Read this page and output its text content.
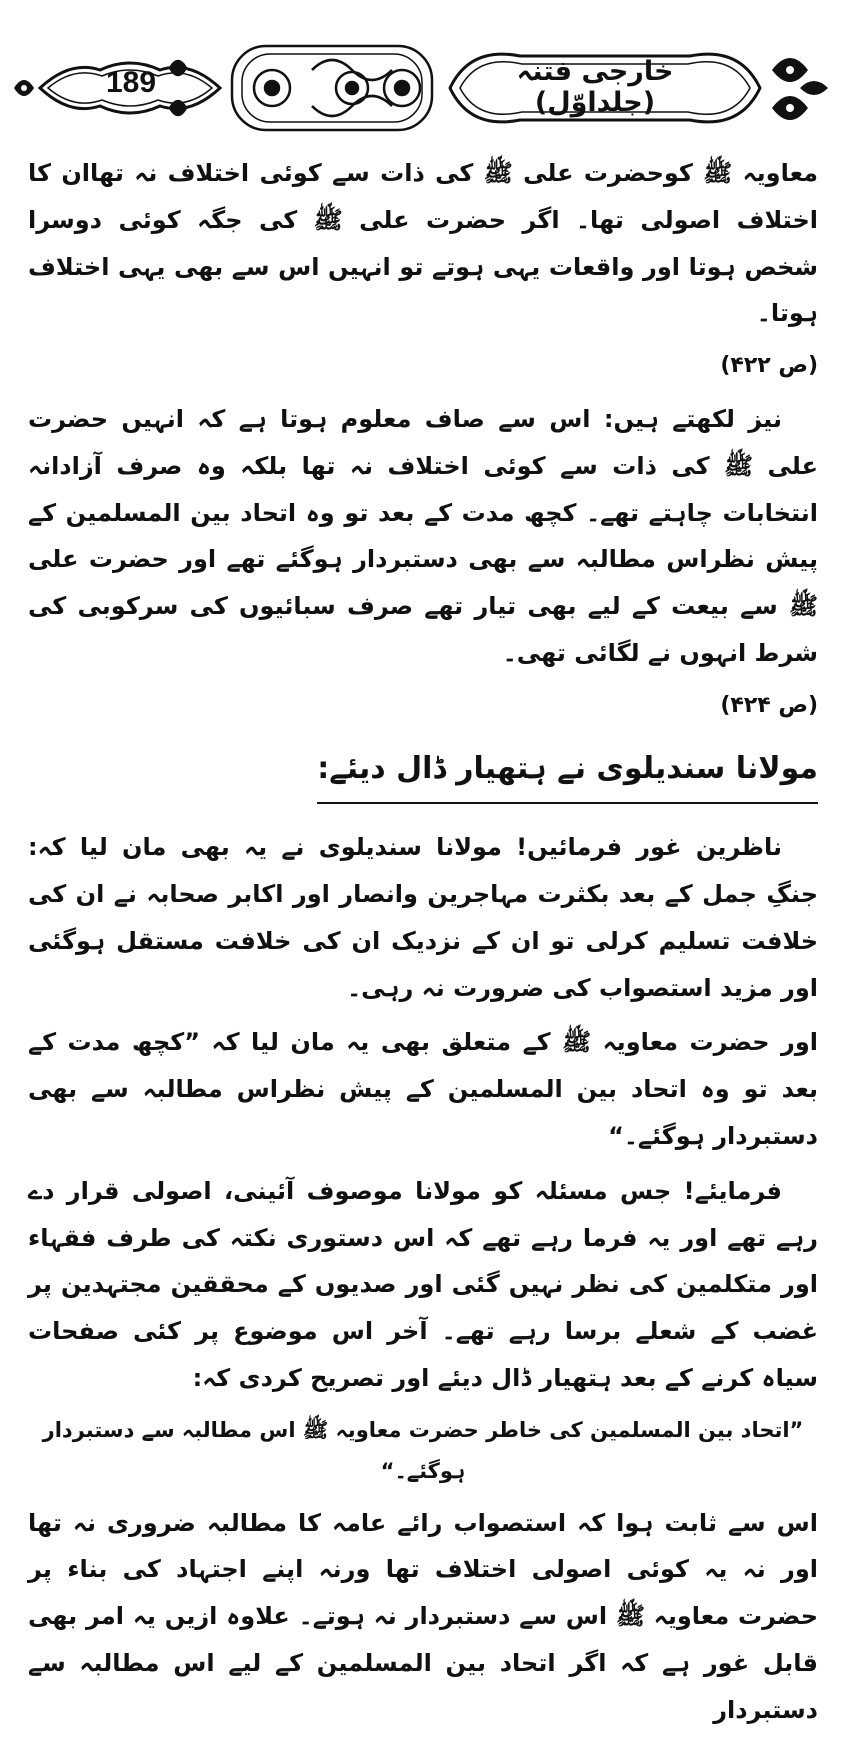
189	خارجی فتنہ (جلداوّل)

معاویہ ﷺ کوحضرت علی ﷺ کی ذات سے کوئی اختلاف نہ تھاان کا اختلاف اصولی تھا۔ اگر حضرت علی ﷺ کی جگہ کوئی دوسرا شخص ہوتا اور واقعات یہی ہوتے تو انہیں اس سے بھی یہی اختلاف ہوتا۔

(ص ۴۲۲)

نیز لکھتے ہیں: اس سے صاف معلوم ہوتا ہے کہ انہیں حضرت علی ﷺ کی ذات سے کوئی اختلاف نہ تھا بلکہ وہ صرف آزادانہ انتخابات چاہتے تھے۔ کچھ مدت کے بعد تو وہ اتحاد بین المسلمین کے پیش نظراس مطالبہ سے بھی دستبردار ہوگئے تھے اور حضرت علی ﷺ سے بیعت کے لیے بھی تیار تھے صرف سبائیوں کی سرکوبی کی شرط انہوں نے لگائی تھی۔

(ص ۴۲۴)

مولانا سندیلوی نے ہتھیار ڈال دیئے:

ناظرین غور فرمائیں! مولانا سندیلوی نے یہ بھی مان لیا کہ: جنگِ جمل کے بعد بکثرت مہاجرین وانصار اور اکابر صحابہ نے ان کی خلافت تسلیم کرلی تو ان کے نزدیک ان کی خلافت مستقل ہوگئی اور مزید استصواب کی ضرورت نہ رہی۔

اور حضرت معاویہ ﷺ کے متعلق بھی یہ مان لیا کہ ”کچھ مدت کے بعد تو وہ اتحاد بین المسلمین کے پیش نظراس مطالبہ سے بھی دستبردار ہوگئے۔“

فرمایئے! جس مسئلہ کو مولانا موصوف آئینی، اصولی قرار دے رہے تھے اور یہ فرما رہے تھے کہ اس دستوری نکتہ کی طرف فقہاء اور متکلمین کی نظر نہیں گئی اور صدیوں کے محققین مجتہدین پر غضب کے شعلے برسا رہے تھے۔ آخر اس موضوع پر کئی صفحات سیاہ کرنے کے بعد ہتھیار ڈال دیئے اور تصریح کردی کہ:

”اتحاد بین المسلمین کی خاطر حضرت معاویہ ﷺ اس مطالبہ سے دستبردار ہوگئے۔“

اس سے ثابت ہوا کہ استصواب رائے عامہ کا مطالبہ ضروری نہ تھا اور نہ یہ کوئی اصولی اختلاف تھا ورنہ اپنے اجتہاد کی بناء پر حضرت معاویہ ﷺ اس سے دستبردار نہ ہوتے۔ علاوہ ازیں یہ امر بھی قابل غور ہے کہ اگر اتحاد بین المسلمین کے لیے اس مطالبہ سے دستبردار
